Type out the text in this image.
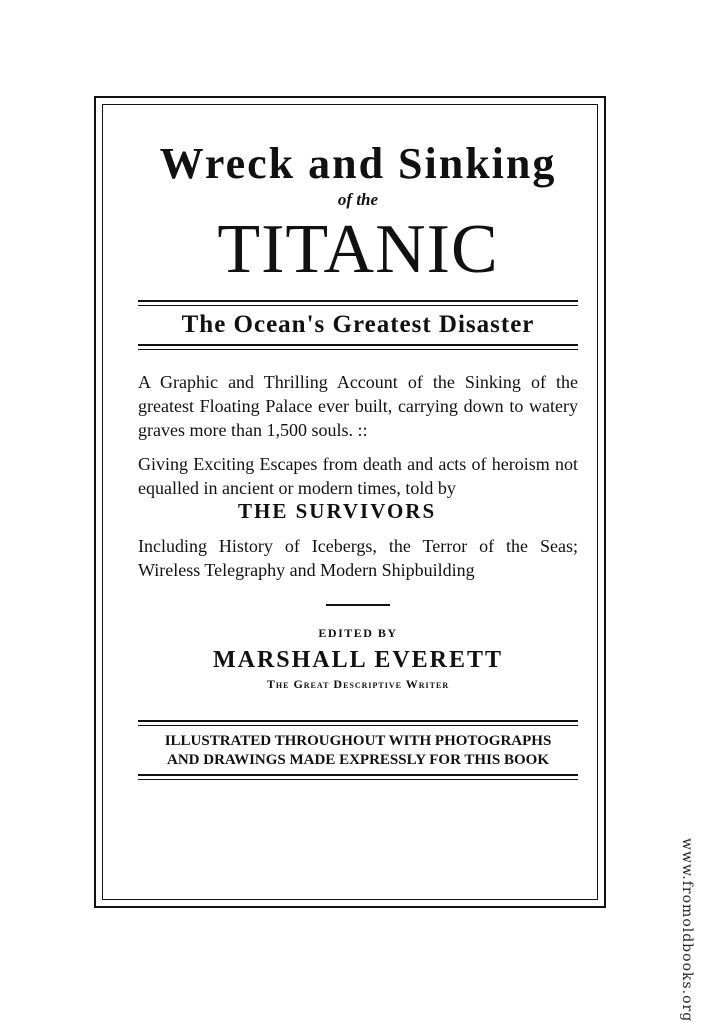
Wreck and Sinking
of the
TITANIC
The Ocean's Greatest Disaster

A Graphic and Thrilling Account of the Sinking of the greatest Floating Palace ever built, carrying down to watery graves more than 1,500 souls. ::

Giving Exciting Escapes from death and acts of heroism not equalled in ancient or modern times, told by

THE SURVIVORS

Including History of Icebergs, the Terror of the Seas; Wireless Telegraphy and Modern Shipbuilding

EDITED BY
MARSHALL EVERETT
The Great Descriptive Writer
ILLUSTRATED THROUGHOUT WITH PHOTOGRAPHS
AND DRAWINGS MADE EXPRESSLY FOR THIS BOOK
www.fromoldbooks.org
